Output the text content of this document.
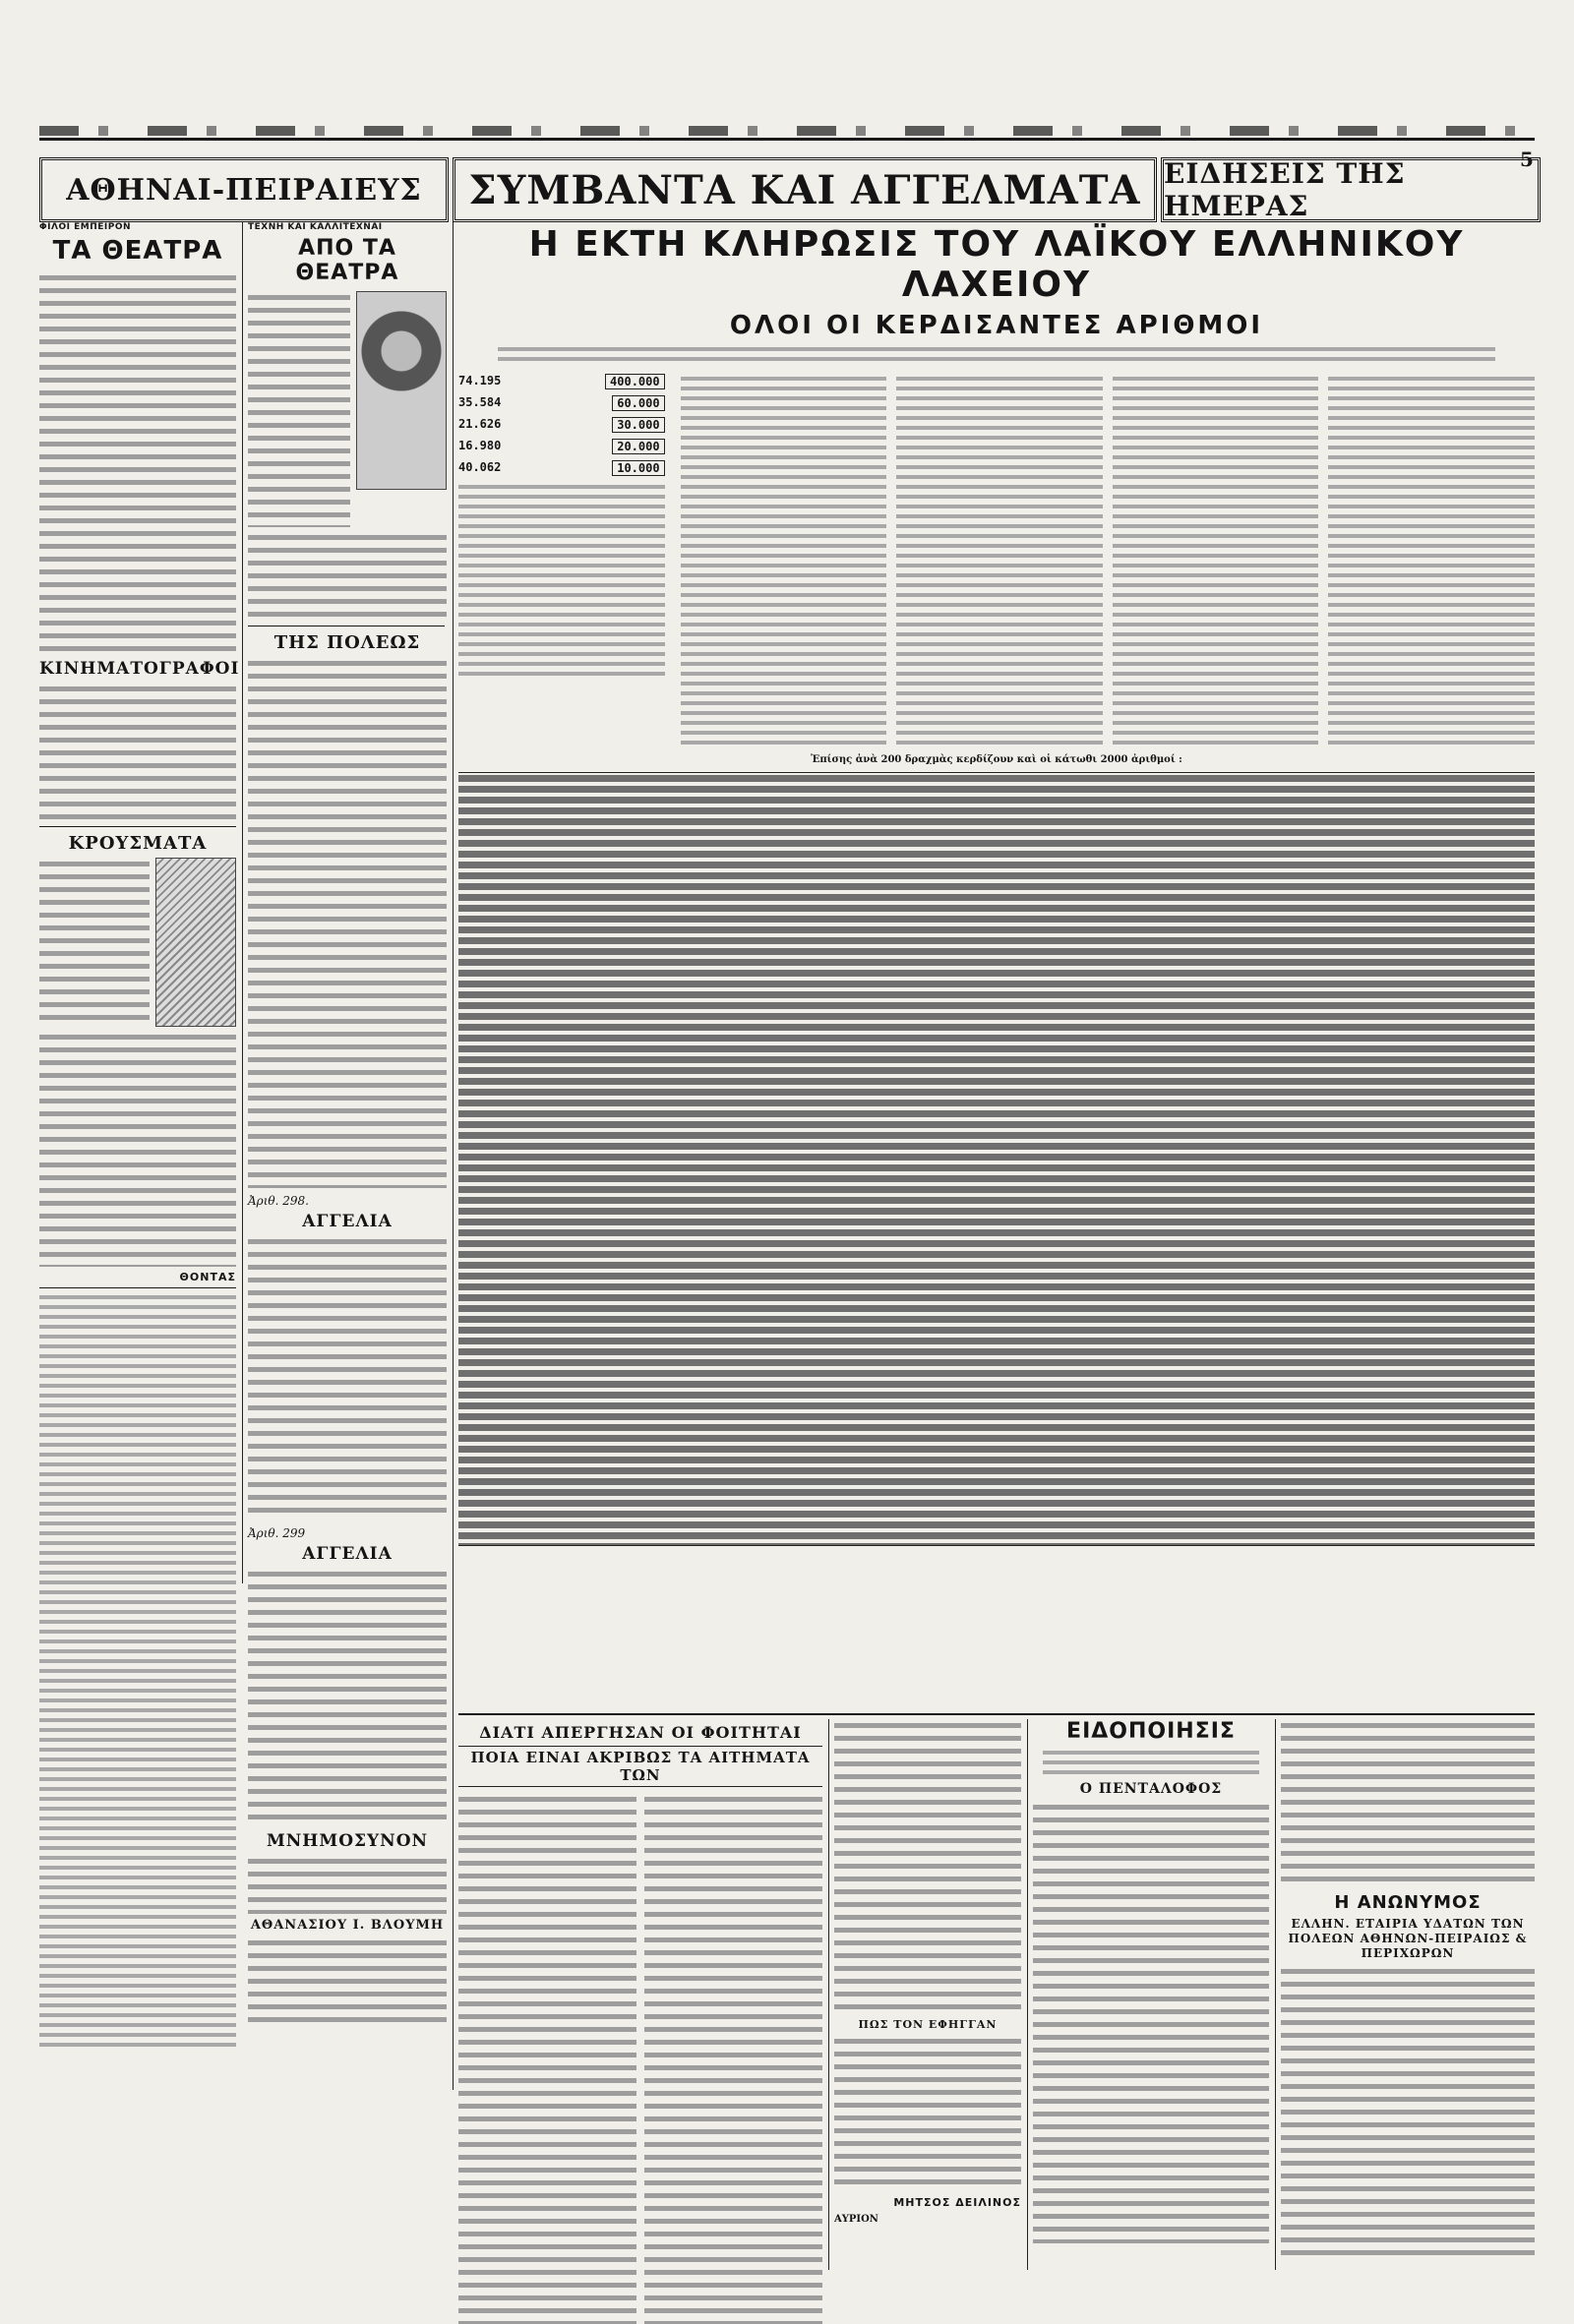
5
ΑΘΗΝΑΙ-ΠΕΙΡΑΙΕΥΣ ΣΥΜΒΑΝΤΑ ΚΑΙ ΑΓΓΕΛΜΑΤΑ ΕΙΔΗΣΕΙΣ ΤΗΣ ΗΜΕΡΑΣ
ΦΙΛΟΙ ΕΜΠΕΙΡΟΝ
ΤΑ ΘΕΑΤΡΑ
ΚΙΝΗΜΑΤΟΓΡΑΦΟΙ
ΚΡΟΥΣΜΑΤΑ
ΘΟΝΤΑΣ
ΤΕΧΝΗ ΚΑΙ ΚΑΛΛΙΤΕΧΝΑΙ
ΑΠΟ ΤΑ ΘΕΑΤΡΑ
ΤΗΣ ΠΟΛΕΩΣ
Ἀριθ. 298.
ΑΓΓΕΛΙΑ
Ἀριθ. 299
ΑΓΓΕΛΙΑ
ΜΝΗΜΟΣΥΝΟΝ
ΑΘΑΝΑΣΙΟΥ Ι. ΒΛΟΥΜΗ
Η ΕΚΤΗ ΚΛΗΡΩΣΙΣ ΤΟΥ ΛΑΪΚΟΥ ΕΛΛΗΝΙΚΟΥ ΛΑΧΕΙΟΥ
ΟΛΟΙ ΟΙ ΚΕΡΔΙΣΑΝΤΕΣ ΑΡΙΘΜΟΙ
74.195	400.000
35.584	60.000
21.626	30.000
16.980	20.000
40.062	10.000
Ἐπίσης ἀνὰ 200 δραχμὰς κερδίζουν καὶ οἱ κάτωθι 2000 ἀριθμοί :
ΔΙΑΤΙ ΑΠΕΡΓΗΣΑΝ ΟΙ ΦΟΙΤΗΤΑΙ
ΠΟΙΑ ΕΙΝΑΙ ΑΚΡΙΒΩΣ ΤΑ ΑΙΤΗΜΑΤΑ ΤΩΝ
ΠΩΣ ΤΟΝ ΕΦΗΓΓΑΝ
ΜΗΤΣΟΣ ΔΕΙΛΙΝΟΣ
ΑΥΡΙΟΝ
ΕΙΔΟΠΟΙΗΣΙΣ
Ο ΠΕΝΤΑΛΟΦΟΣ
Η ΑΝΩΝΥΜΟΣ
ΕΛΛΗΝ. ΕΤΑΙΡΙΑ ΥΔΑΤΩΝ ΤΩΝ ΠΟΛΕΩΝ ΑΘΗΝΩΝ-ΠΕΙΡΑΙΩΣ & ΠΕΡΙΧΩΡΩΝ
